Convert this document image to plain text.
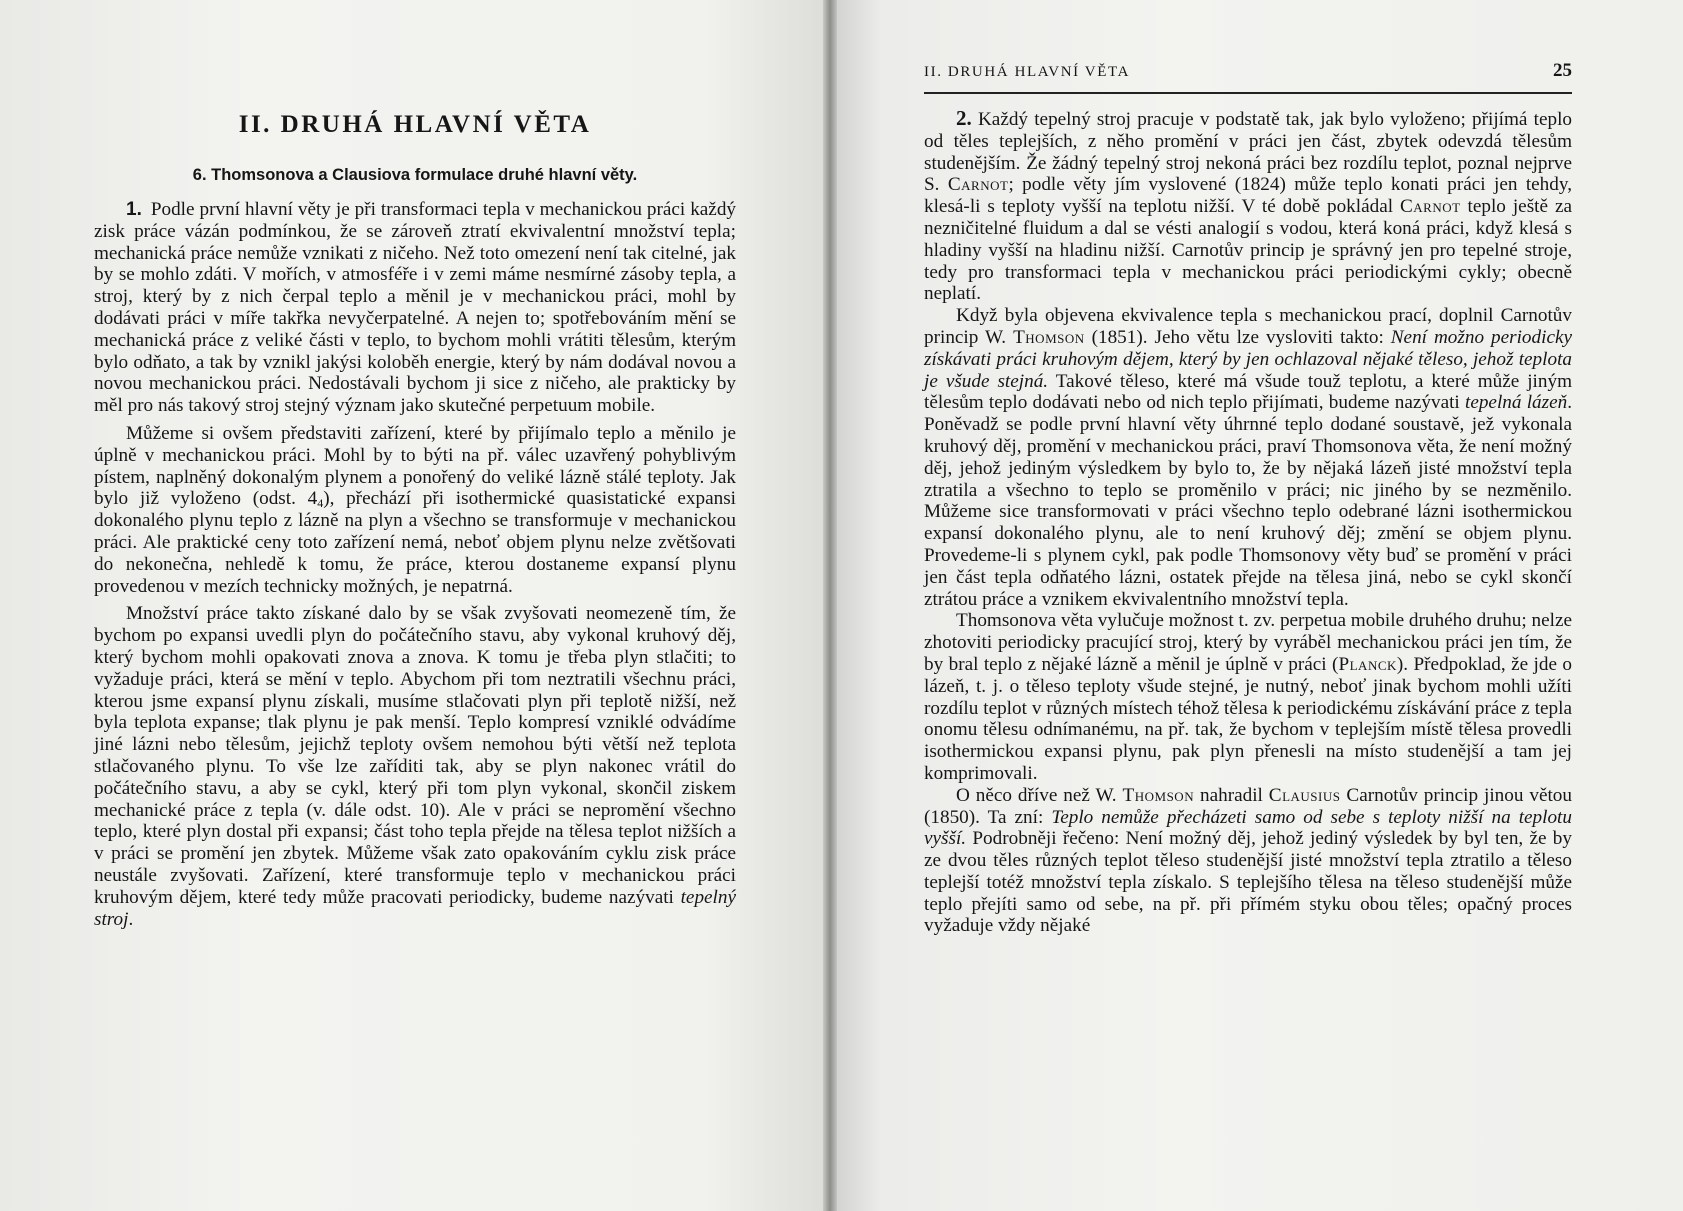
II. DRUHÁ HLAVNÍ VĚTA
6. Thomsonova a Clausiova formulace druhé hlavní věty.

1. Podle první hlavní věty je při transformaci tepla v mechanickou práci každý zisk práce vázán podmínkou, že se zároveň ztratí ekvivalentní množství tepla; mechanická práce nemůže vznikati z ničeho. Než toto omezení není tak citelné, jak by se mohlo zdáti. V mořích, v atmosféře i v zemi máme nesmírné zásoby tepla, a stroj, který by z nich čerpal teplo a měnil je v mechanickou práci, mohl by dodávati práci v míře takřka nevyčerpatelné. A nejen to; spotřebováním mění se mechanická práce z veliké části v teplo, to bychom mohli vrátiti tělesům, kterým bylo odňato, a tak by vznikl jakýsi koloběh energie, který by nám dodával novou a novou mechanickou práci. Nedostávali bychom ji sice z ničeho, ale prakticky by měl pro nás takový stroj stejný význam jako skutečné perpetuum mobile.

Můžeme si ovšem představiti zařízení, které by přijímalo teplo a měnilo je úplně v mechanickou práci. Mohl by to býti na př. válec uzavřený pohyblivým pístem, naplněný dokonalým plynem a ponořený do veliké lázně stálé teploty. Jak bylo již vyloženo (odst. $4_4$), přechází při isothermické quasistatické expansi dokonalého plynu teplo z lázně na plyn a všechno se transformuje v mechanickou práci. Ale praktické ceny toto zařízení nemá, neboť objem plynu nelze zvětšovati do nekonečna, nehledě k tomu, že práce, kterou dostaneme expansí plynu provedenou v mezích technicky možných, je nepatrná.

Množství práce takto získané dalo by se však zvyšovati neomezeně tím, že bychom po expansi uvedli plyn do počátečního stavu, aby vykonal kruhový děj, který bychom mohli opakovati znova a znova. K tomu je třeba plyn stlačiti; to vyžaduje práci, která se mění v teplo. Abychom při tom neztratili všechnu práci, kterou jsme expansí plynu získali, musíme stlačovati plyn při teplotě nižší, než byla teplota expanse; tlak plynu je pak menší. Teplo kompresí vzniklé odvádíme jiné lázni nebo tělesům, jejichž teploty ovšem nemohou býti větší než teplota stlačovaného plynu. To vše lze zaříditi tak, aby se plyn nakonec vrátil do počátečního stavu, a aby se cykl, který při tom plyn vykonal, skončil ziskem mechanické práce z tepla (v. dále odst. 10). Ale v práci se nepromění všechno teplo, které plyn dostal při expansi; část toho tepla přejde na tělesa teplot nižších a v práci se promění jen zbytek. Můžeme však zato opakováním cyklu zisk práce neustále zvyšovati. Zařízení, které transformuje teplo v mechanickou práci kruhovým dějem, které tedy může pracovati periodicky, budeme nazývati tepelný stroj.

II. DRUHÁ HLAVNÍ VĚTA	25

2. Každý tepelný stroj pracuje v podstatě tak, jak bylo vyloženo; přijímá teplo od těles teplejších, z něho promění v práci jen část, zbytek odevzdá tělesům studenějším. Že žádný tepelný stroj nekoná práci bez rozdílu teplot, poznal nejprve S. Carnot; podle věty jím vyslovené (1824) může teplo konati práci jen tehdy, klesá-li s teploty vyšší na teplotu nižší. V té době pokládal Carnot teplo ještě za nezničitelné fluidum a dal se vésti analogií s vodou, která koná práci, když klesá s hladiny vyšší na hladinu nižší. Carnotův princip je správný jen pro tepelné stroje, tedy pro transformaci tepla v mechanickou práci periodickými cykly; obecně neplatí.

Když byla objevena ekvivalence tepla s mechanickou prací, doplnil Carnotův princip W. Thomson (1851). Jeho větu lze vysloviti takto: Není možno periodicky získávati práci kruhovým dějem, který by jen ochlazoval nějaké těleso, jehož teplota je všude stejná. Takové těleso, které má všude touž teplotu, a které může jiným tělesům teplo dodávati nebo od nich teplo přijímati, budeme nazývati tepelná lázeň. Poněvadž se podle první hlavní věty úhrnné teplo dodané soustavě, jež vykonala kruhový děj, promění v mechanickou práci, praví Thomsonova věta, že není možný děj, jehož jediným výsledkem by bylo to, že by nějaká lázeň jisté množství tepla ztratila a všechno to teplo se proměnilo v práci; nic jiného by se nezměnilo. Můžeme sice transformovati v práci všechno teplo odebrané lázni isothermickou expansí dokonalého plynu, ale to není kruhový děj; změní se objem plynu. Provedeme-li s plynem cykl, pak podle Thomsonovy věty buď se promění v práci jen část tepla odňatého lázni, ostatek přejde na tělesa jiná, nebo se cykl skončí ztrátou práce a vznikem ekvivalentního množství tepla.

Thomsonova věta vylučuje možnost t. zv. perpetua mobile druhého druhu; nelze zhotoviti periodicky pracující stroj, který by vyráběl mechanickou práci jen tím, že by bral teplo z nějaké lázně a měnil je úplně v práci (Planck). Předpoklad, že jde o lázeň, t. j. o těleso teploty všude stejné, je nutný, neboť jinak bychom mohli užíti rozdílu teplot v různých místech téhož tělesa k periodickému získávání práce z tepla onomu tělesu odnímanému, na př. tak, že bychom v teplejším místě tělesa provedli isothermickou expansi plynu, pak plyn přenesli na místo studenější a tam jej komprimovali.

O něco dříve než W. Thomson nahradil Clausius Carnotův princip jinou větou (1850). Ta zní: Teplo nemůže přecházeti samo od sebe s teploty nižší na teplotu vyšší. Podrobněji řečeno: Není možný děj, jehož jediný výsledek by byl ten, že by ze dvou těles různých teplot těleso studenější jisté množství tepla ztratilo a těleso teplejší totéž množství tepla získalo. S teplejšího tělesa na těleso studenější může teplo přejíti samo od sebe, na př. při přímém styku obou těles; opačný proces vyžaduje vždy nějaké
